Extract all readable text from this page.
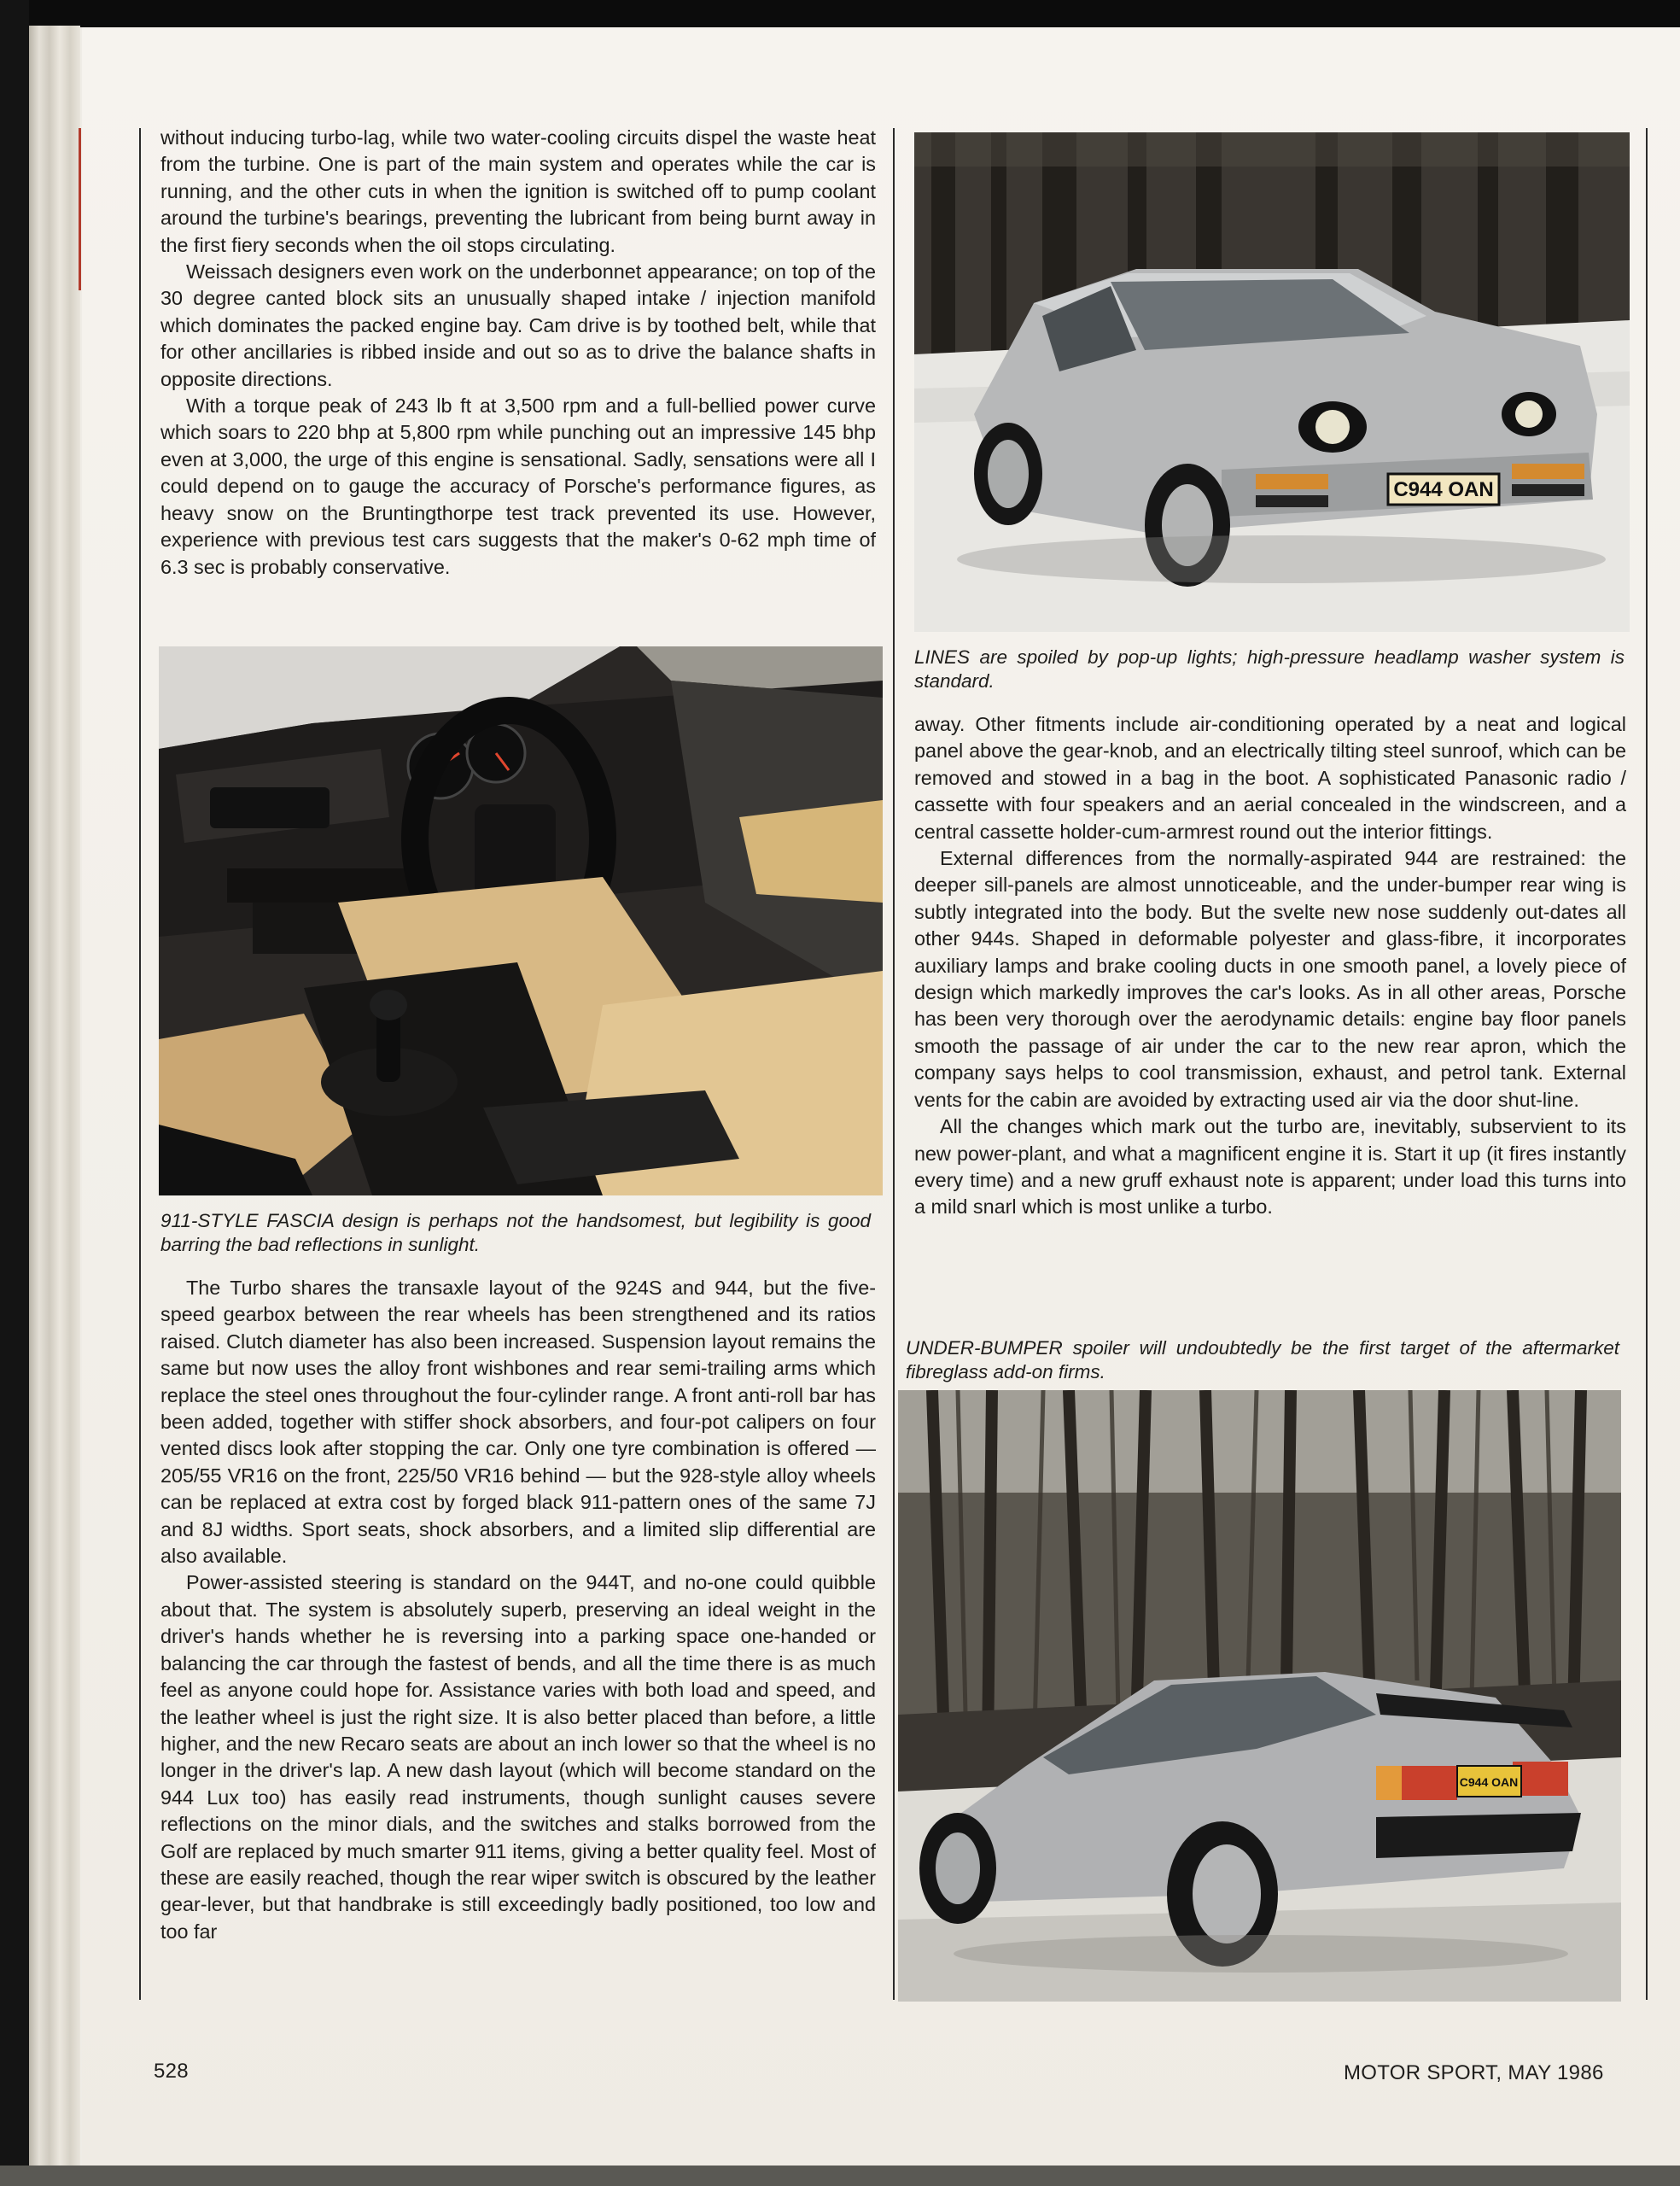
without inducing turbo-lag, while two water-cooling circuits dispel the waste heat from the turbine. One is part of the main system and operates while the car is running, and the other cuts in when the ignition is switched off to pump coolant around the turbine's bearings, preventing the lubricant from being burnt away in the first fiery seconds when the oil stops circulating.

Weissach designers even work on the underbonnet appearance; on top of the 30 degree canted block sits an unusually shaped intake / injection manifold which dominates the packed engine bay. Cam drive is by toothed belt, while that for other ancillaries is ribbed inside and out so as to drive the balance shafts in opposite directions.

With a torque peak of 243 lb ft at 3,500 rpm and a full-bellied power curve which soars to 220 bhp at 5,800 rpm while punching out an impressive 145 bhp even at 3,000, the urge of this engine is sensational. Sadly, sensations were all I could depend on to gauge the accuracy of Porsche's performance figures, as heavy snow on the Bruntingthorpe test track prevented its use. However, experience with previous test cars suggests that the maker's 0-62 mph time of 6.3 sec is probably conservative.

911-STYLE FASCIA design is perhaps not the handsomest, but legibility is good barring the bad reflections in sunlight.

The Turbo shares the transaxle layout of the 924S and 944, but the five-speed gearbox between the rear wheels has been strengthened and its ratios raised. Clutch diameter has also been increased. Suspension layout remains the same but now uses the alloy front wishbones and rear semi-trailing arms which replace the steel ones throughout the four-cylinder range. A front anti-roll bar has been added, together with stiffer shock absorbers, and four-pot calipers on four vented discs look after stopping the car. Only one tyre combination is offered — 205/55 VR16 on the front, 225/50 VR16 behind — but the 928-style alloy wheels can be replaced at extra cost by forged black 911-pattern ones of the same 7J and 8J widths. Sport seats, shock absorbers, and a limited slip differential are also available.

Power-assisted steering is standard on the 944T, and no-one could quibble about that. The system is absolutely superb, preserving an ideal weight in the driver's hands whether he is reversing into a parking space one-handed or balancing the car through the fastest of bends, and all the time there is as much feel as anyone could hope for. Assistance varies with both load and speed, and the leather wheel is just the right size. It is also better placed than before, a little higher, and the new Recaro seats are about an inch lower so that the wheel is no longer in the driver's lap. A new dash layout (which will become standard on the 944 Lux too) has easily read instruments, though sunlight causes severe reflections on the minor dials, and the switches and stalks borrowed from the Golf are replaced by much smarter 911 items, giving a better quality feel. Most of these are easily reached, though the rear wiper switch is obscured by the leather gear-lever, but that handbrake is still exceedingly badly positioned, too low and too far

C944 OAN
LINES are spoiled by pop-up lights; high-pressure headlamp washer system is standard.

away. Other fitments include air-conditioning operated by a neat and logical panel above the gear-knob, and an electrically tilting steel sunroof, which can be removed and stowed in a bag in the boot. A sophisticated Panasonic radio / cassette with four speakers and an aerial concealed in the windscreen, and a central cassette holder-cum-armrest round out the interior fittings.

External differences from the normally-aspirated 944 are restrained: the deeper sill-panels are almost unnoticeable, and the under-bumper rear wing is subtly integrated into the body. But the svelte new nose suddenly out-dates all other 944s. Shaped in deformable polyester and glass-fibre, it incorporates auxiliary lamps and brake cooling ducts in one smooth panel, a lovely piece of design which markedly improves the car's looks. As in all other areas, Porsche has been very thorough over the aerodynamic details: engine bay floor panels smooth the passage of air under the car to the new rear apron, which the company says helps to cool transmission, exhaust, and petrol tank. External vents for the cabin are avoided by extracting used air via the door shut-line.

All the changes which mark out the turbo are, inevitably, subservient to its new power-plant, and what a magnificent engine it is. Start it up (it fires instantly every time) and a new gruff exhaust note is apparent; under load this turns into a mild snarl which is most unlike a turbo.

UNDER-BUMPER spoiler will undoubtedly be the first target of the aftermarket fibreglass add-on firms.
C944 OAN
528	MOTOR SPORT, MAY 1986
